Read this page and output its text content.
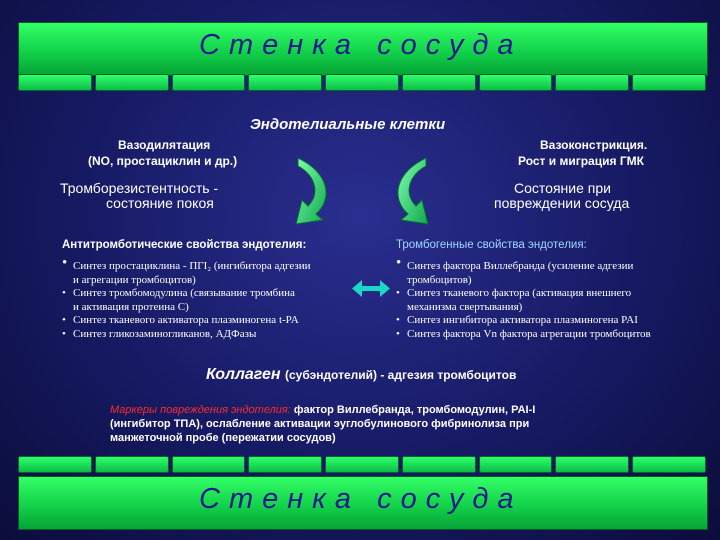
Стенка сосуда
Эндотелиальные клетки
Вазодилятация
(NO, простациклин и др.)
Вазоконстрикция.
Рост и миграция ГМК
Тромборезистентность -
состояние покоя
Состояние при
повреждении сосуда
Антитромботические свойства эндотелия:	Тромбогенные свойства эндотелия:
• Синтез простациклина - ПГІ₂ (ингибитора адгезии
и агрегации тромбоцитов)
• Синтез тромбомодулина (связывание тромбина
и активация протеина С)
• Синтез тканевого активатора плазминогена t-PA
• Синтез гликозаминогликанов, АДФазы
• Синтез фактора Виллебранда (усиление адгезии
тромбоцитов)
• Синтез тканевого фактора (активация внешнего
механизма свертывания)
• Синтез ингибитора активатора плазминогена PAI
• Синтез фактора Vn фактора агрегации тромбоцитов
Коллаген (субэндотелий) - адгезия тромбоцитов
Маркеры повреждения эндотелия: фактор Виллебранда, тромбомодулин, PAI-I
(ингибитор ТПА), ослабление активации эуглобулинового фибринолиза при
манжеточной пробе (пережатии сосудов)
Стенка сосуда
